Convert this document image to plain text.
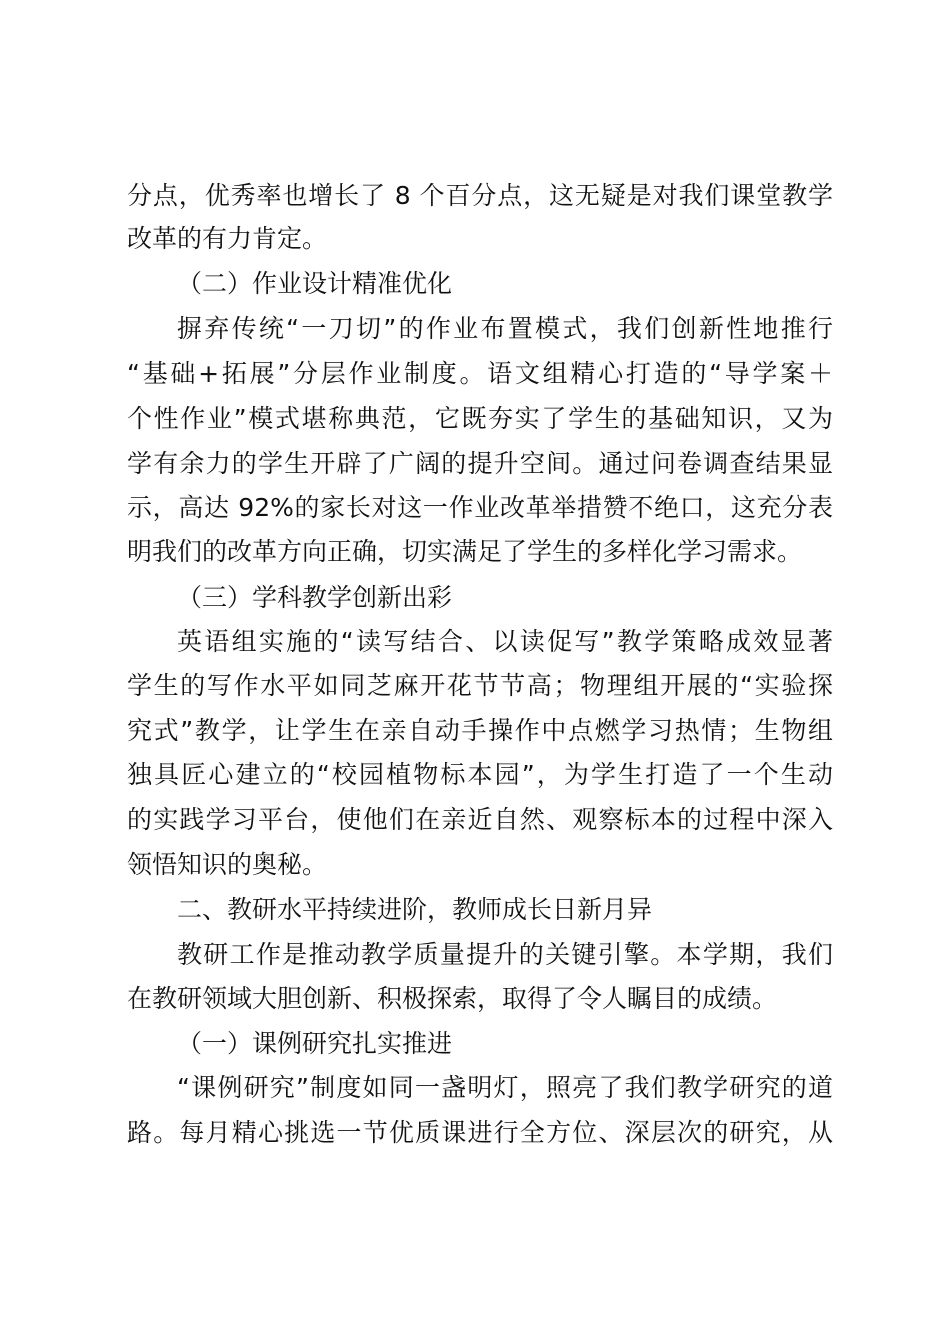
分点，优秀率也增长了 8 个百分点，这无疑是对我们课堂教学
改革的有力肯定。
（二）作业设计精准优化
摒弃传统“一刀切”的作业布置模式，我们创新性地推行
“基础+拓展”分层作业制度。语文组精心打造的“导学案＋
个性作业”模式堪称典范，它既夯实了学生的基础知识，又为
学有余力的学生开辟了广阔的提升空间。通过问卷调查结果显
示，高达 92%的家长对这一作业改革举措赞不绝口，这充分表
明我们的改革方向正确，切实满足了学生的多样化学习需求。
（三）学科教学创新出彩
英语组实施的“读写结合、以读促写”教学策略成效显著
学生的写作水平如同芝麻开花节节高；物理组开展的“实验探
究式”教学，让学生在亲自动手操作中点燃学习热情；生物组
独具匠心建立的“校园植物标本园”，为学生打造了一个生动
的实践学习平台，使他们在亲近自然、观察标本的过程中深入
领悟知识的奥秘。
二、教研水平持续进阶，教师成长日新月异
教研工作是推动教学质量提升的关键引擎。本学期，我们
在教研领域大胆创新、积极探索，取得了令人瞩目的成绩。
（一）课例研究扎实推进
“课例研究”制度如同一盏明灯，照亮了我们教学研究的道
路。每月精心挑选一节优质课进行全方位、深层次的研究，从
